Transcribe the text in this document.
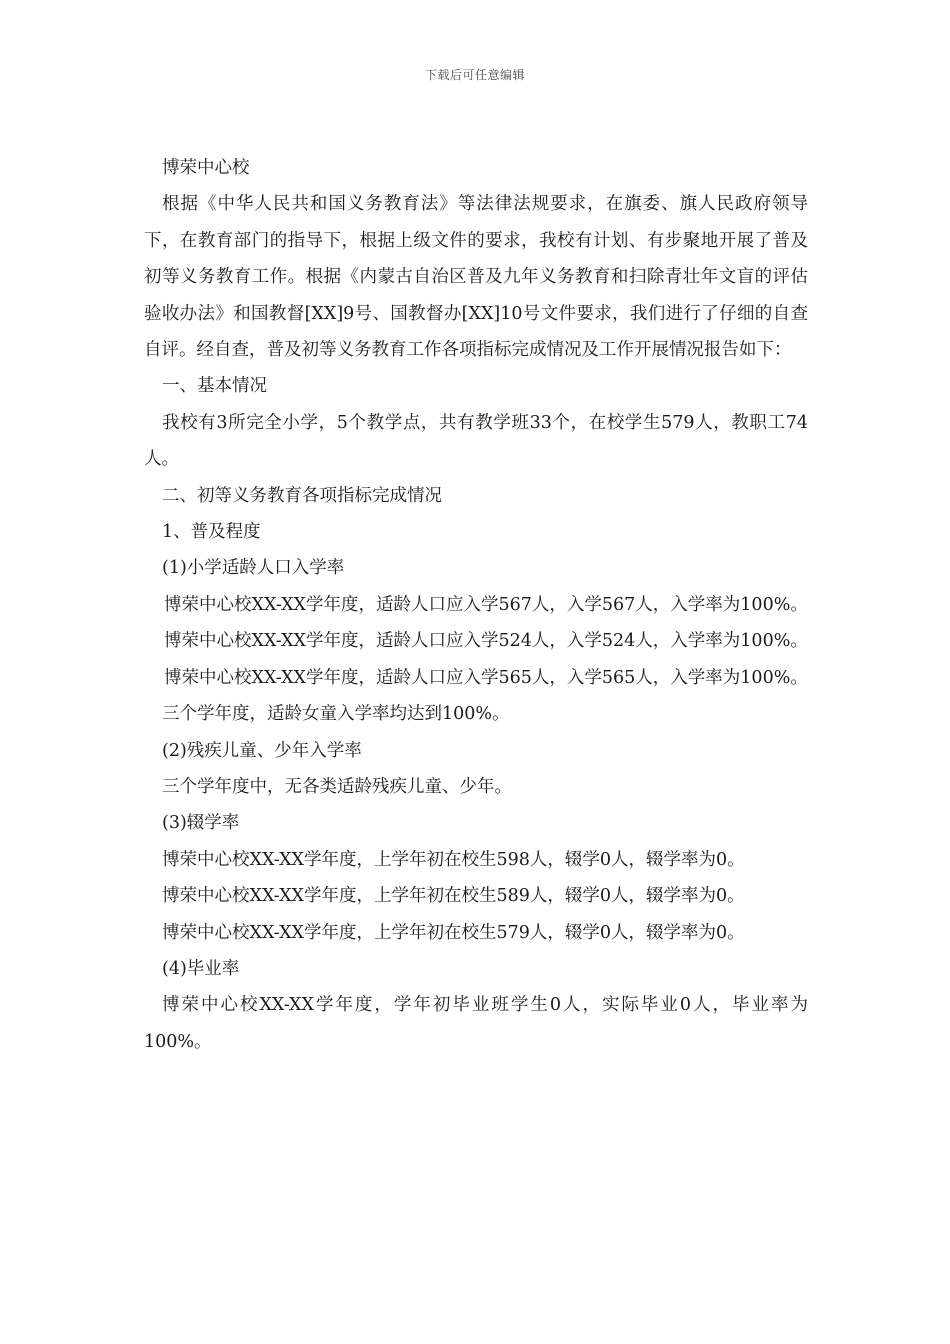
下载后可任意编辑

博荣中心校

根据《中华人民共和国义务教育法》等法律法规要求，在旗委、旗人民政府领导下，在教育部门的指导下，根据上级文件的要求，我校有计划、有步聚地开展了普及初等义务教育工作。根据《内蒙古自治区普及九年义务教育和扫除青壮年文盲的评估验收办法》和国教督[XX]9号、国教督办[XX]10号文件要求，我们进行了仔细的自查自评。经自查，普及初等义务教育工作各项指标完成情况及工作开展情况报告如下：

一、基本情况

我校有3所完全小学，5个教学点，共有教学班33个，在校学生579人，教职工74人。

二、初等义务教育各项指标完成情况

1、普及程度

(1)小学适龄人口入学率

博荣中心校XX-XX学年度，适龄人口应入学567人，入学567人，入学率为100%。

博荣中心校XX-XX学年度，适龄人口应入学524人，入学524人，入学率为100%。

博荣中心校XX-XX学年度，适龄人口应入学565人，入学565人，入学率为100%。

三个学年度，适龄女童入学率均达到100%。

(2)残疾儿童、少年入学率

三个学年度中，无各类适龄残疾儿童、少年。

(3)辍学率

博荣中心校XX-XX学年度，上学年初在校生598人，辍学0人，辍学率为0。

博荣中心校XX-XX学年度，上学年初在校生589人，辍学0人，辍学率为0。

博荣中心校XX-XX学年度，上学年初在校生579人，辍学0人，辍学率为0。

(4)毕业率

博荣中心校XX-XX学年度，学年初毕业班学生0人，实际毕业0人，毕业率为100%。
